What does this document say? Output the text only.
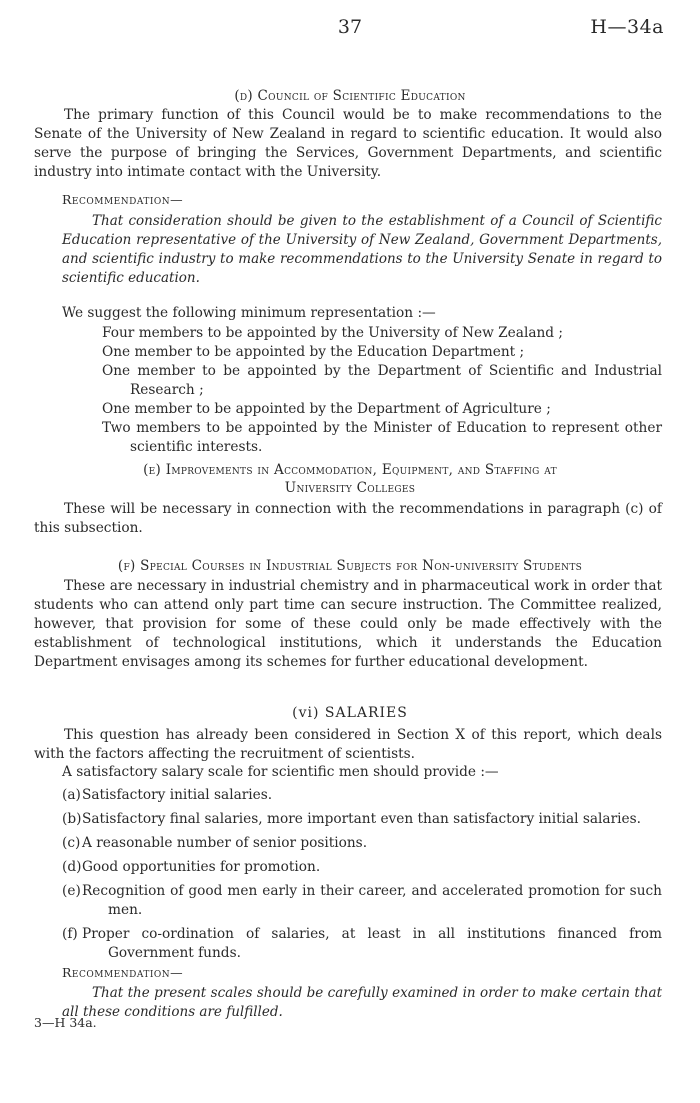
37	H—34a
(d) Council of Scientific Education
The primary function of this Council would be to make recommendations to the Senate of the University of New Zealand in regard to scientific education. It would also serve the purpose of bringing the Services, Government Departments, and scientific industry into intimate contact with the University.
Recommendation—
That consideration should be given to the establishment of a Council of Scientific Education representative of the University of New Zealand, Government Departments, and scientific industry to make recommendations to the University Senate in regard to scientific education.
We suggest the following minimum representation :—
Four members to be appointed by the University of New Zealand ;
One member to be appointed by the Education Department ;
One member to be appointed by the Department of Scientific and Industrial Research ;
One member to be appointed by the Department of Agriculture ;
Two members to be appointed by the Minister of Education to represent other scientific interests.
(e) Improvements in Accommodation, Equipment, and Staffing at
University Colleges
These will be necessary in connection with the recommendations in paragraph (c) of this subsection.
(f) Special Courses in Industrial Subjects for Non-university Students
These are necessary in industrial chemistry and in pharmaceutical work in order that students who can attend only part time can secure instruction. The Committee realized, however, that provision for some of these could only be made effectively with the establishment of technological institutions, which it understands the Education Department envisages among its schemes for further educational development.
(vi) SALARIES
This question has already been considered in Section X of this report, which deals with the factors affecting the recruitment of scientists.
A satisfactory salary scale for scientific men should provide :—
(a)Satisfactory initial salaries.
(b)Satisfactory final salaries, more important even than satisfactory initial salaries.
(c) A reasonable number of senior positions.
(d)Good opportunities for promotion.
(e)Recognition of good men early in their career, and accelerated promotion for such men.
(f) Proper co-ordination of salaries, at least in all institutions financed from Government funds.
Recommendation—
That the present scales should be carefully examined in order to make certain that all these conditions are fulfilled.
3—H 34a.
